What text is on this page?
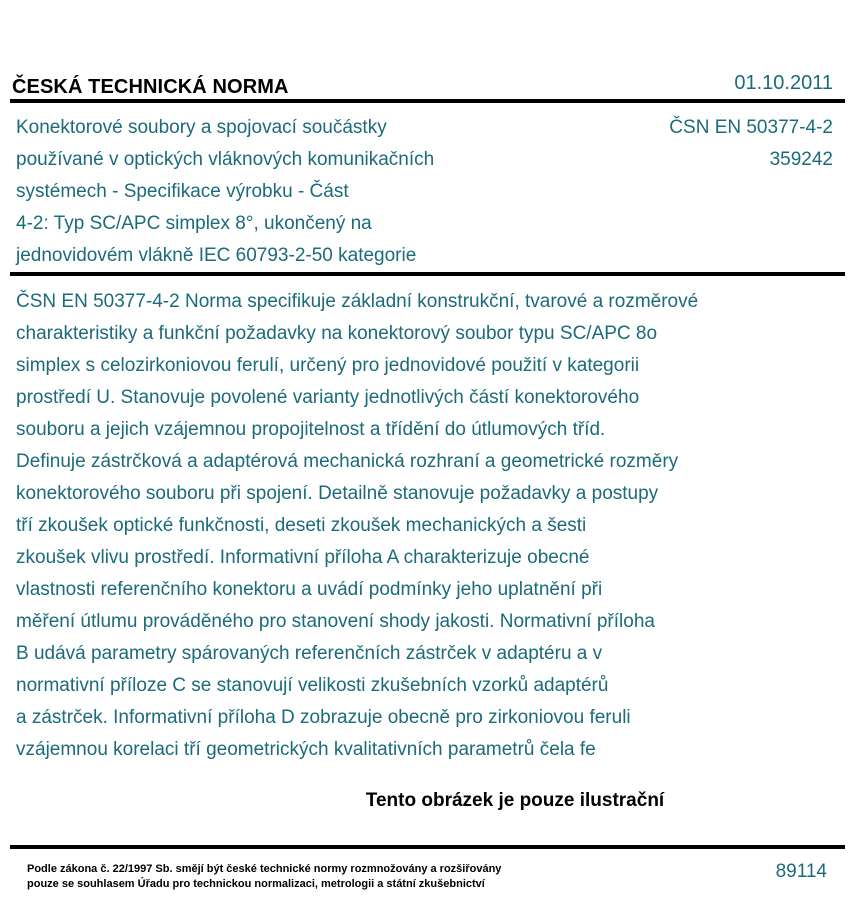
ČESKÁ TECHNICKÁ NORMA	01.10.2011
Konektorové soubory a spojovací součástky
používané v optických vláknových komunikačních
systémech - Specifikace výrobku - Část
4-2: Typ SC/APC simplex 8°, ukončený na
jednovidovém vlákně IEC 60793-2-50 kategorie
ČSN EN 50377-4-2
359242
ČSN EN 50377-4-2 Norma specifikuje základní konstrukční, tvarové a rozměrové
charakteristiky a funkční požadavky na konektorový soubor typu SC/APC 8o
simplex s celozirkoniovou ferulí, určený pro jednovidové použití v kategorii
prostředí U. Stanovuje povolené varianty jednotlivých částí konektorového
souboru a jejich vzájemnou propojitelnost a třídění do útlumových tříd.
Definuje zástrčková a adaptérová mechanická rozhraní a geometrické rozměry
konektorového souboru při spojení. Detailně stanovuje požadavky a postupy
tří zkoušek optické funkčnosti, deseti zkoušek mechanických a šesti
zkoušek vlivu prostředí. Informativní příloha A charakterizuje obecné
vlastnosti referenčního konektoru a uvádí podmínky jeho uplatnění při
měření útlumu prováděného pro stanovení shody jakosti. Normativní příloha
B udává parametry spárovaných referenčních zástrček v adaptéru a v
normativní příloze C se stanovují velikosti zkušebních vzorků adaptérů
a zástrček. Informativní příloha D zobrazuje obecně pro zirkoniovou feruli
vzájemnou korelaci tří geometrických kvalitativních parametrů čela fe
Tento obrázek je pouze ilustrační
Podle zákona č. 22/1997 Sb. smějí být české technické normy rozmnožovány a rozšiřovány
pouze se souhlasem Úřadu pro technickou normalizaci, metrologii a státní zkušebnictví
89114
